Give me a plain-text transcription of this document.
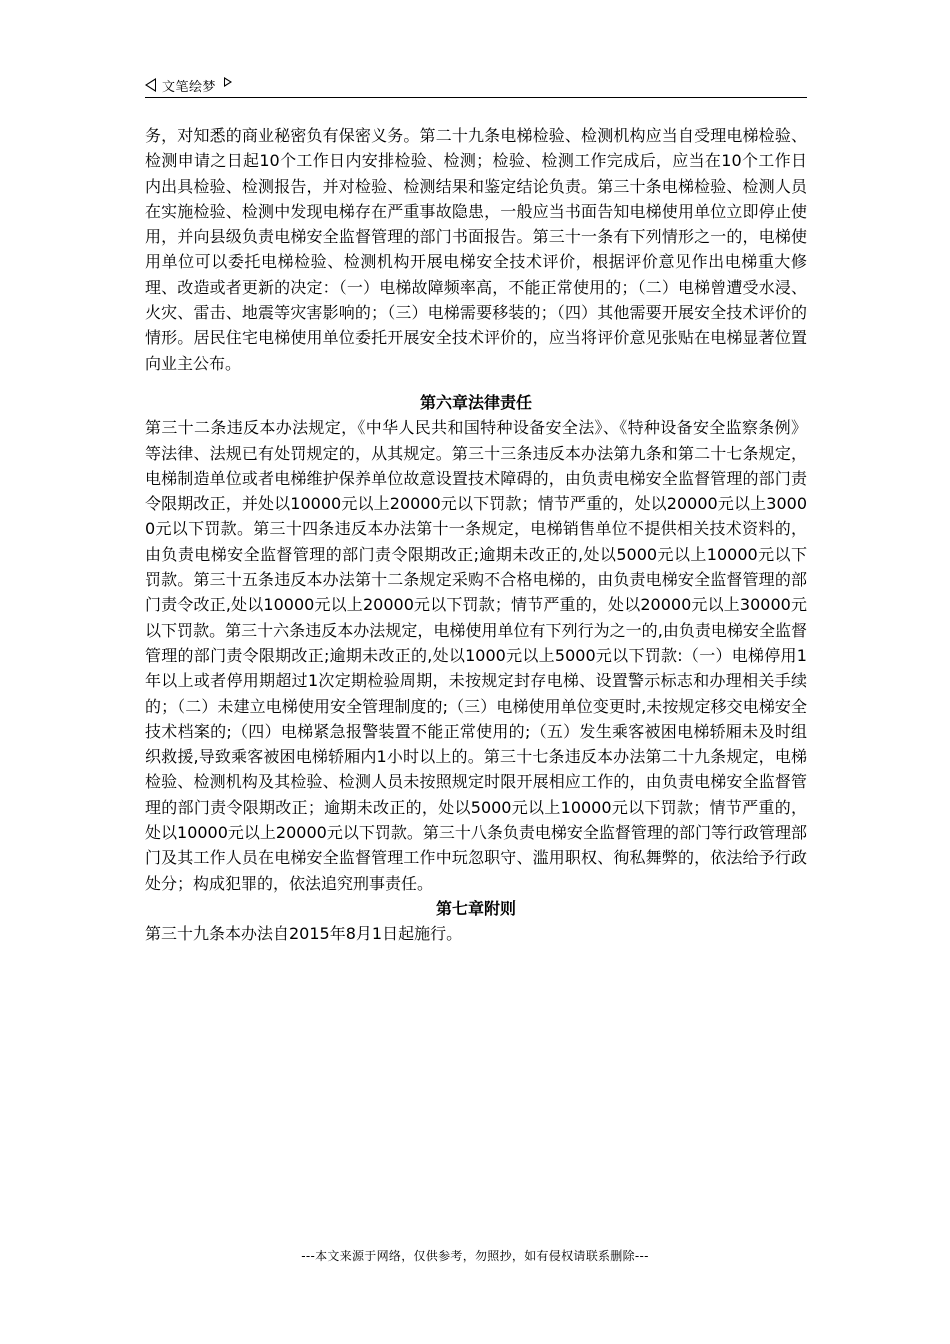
文笔绘梦

务，对知悉的商业秘密负有保密义务。第二十九条电梯检验、检测机构应当自受理电梯检验、检测申请之日起10个工作日内安排检验、检测；检验、检测工作完成后，应当在10个工作日内出具检验、检测报告，并对检验、检测结果和鉴定结论负责。第三十条电梯检验、检测人员在实施检验、检测中发现电梯存在严重事故隐患，一般应当书面告知电梯使用单位立即停止使用，并向县级负责电梯安全监督管理的部门书面报告。第三十一条有下列情形之一的，电梯使用单位可以委托电梯检验、检测机构开展电梯安全技术评价，根据评价意见作出电梯重大修理、改造或者更新的决定：（一）电梯故障频率高，不能正常使用的；（二）电梯曾遭受水浸、火灾、雷击、地震等灾害影响的；（三）电梯需要移装的；（四）其他需要开展安全技术评价的情形。居民住宅电梯使用单位委托开展安全技术评价的，应当将评价意见张贴在电梯显著位置向业主公布。

第六章法律责任

第三十二条违反本办法规定，《中华人民共和国特种设备安全法》、《特种设备安全监察条例》等法律、法规已有处罚规定的，从其规定。第三十三条违反本办法第九条和第二十七条规定，电梯制造单位或者电梯维护保养单位故意设置技术障碍的，由负责电梯安全监督管理的部门责令限期改正，并处以10000元以上20000元以下罚款；情节严重的，处以20000元以上30000元以下罚款。第三十四条违反本办法第十一条规定，电梯销售单位不提供相关技术资料的，由负责电梯安全监督管理的部门责令限期改正;逾期未改正的,处以5000元以上10000元以下罚款。第三十五条违反本办法第十二条规定采购不合格电梯的，由负责电梯安全监督管理的部门责令改正,处以10000元以上20000元以下罚款；情节严重的，处以20000元以上30000元以下罚款。第三十六条违反本办法规定，电梯使用单位有下列行为之一的,由负责电梯安全监督管理的部门责令限期改正;逾期未改正的,处以1000元以上5000元以下罚款:（一）电梯停用1年以上或者停用期超过1次定期检验周期，未按规定封存电梯、设置警示标志和办理相关手续的；（二）未建立电梯使用安全管理制度的;（三）电梯使用单位变更时,未按规定移交电梯安全技术档案的;（四）电梯紧急报警装置不能正常使用的;（五）发生乘客被困电梯轿厢未及时组织救援,导致乘客被困电梯轿厢内1小时以上的。第三十七条违反本办法第二十九条规定，电梯检验、检测机构及其检验、检测人员未按照规定时限开展相应工作的，由负责电梯安全监督管理的部门责令限期改正；逾期未改正的，处以5000元以上10000元以下罚款；情节严重的，处以10000元以上20000元以下罚款。第三十八条负责电梯安全监督管理的部门等行政管理部门及其工作人员在电梯安全监督管理工作中玩忽职守、滥用职权、徇私舞弊的，依法给予行政处分；构成犯罪的，依法追究刑事责任。

第七章附则

第三十九条本办法自2015年8月1日起施行。

---本文来源于网络，仅供参考，勿照抄，如有侵权请联系删除---
